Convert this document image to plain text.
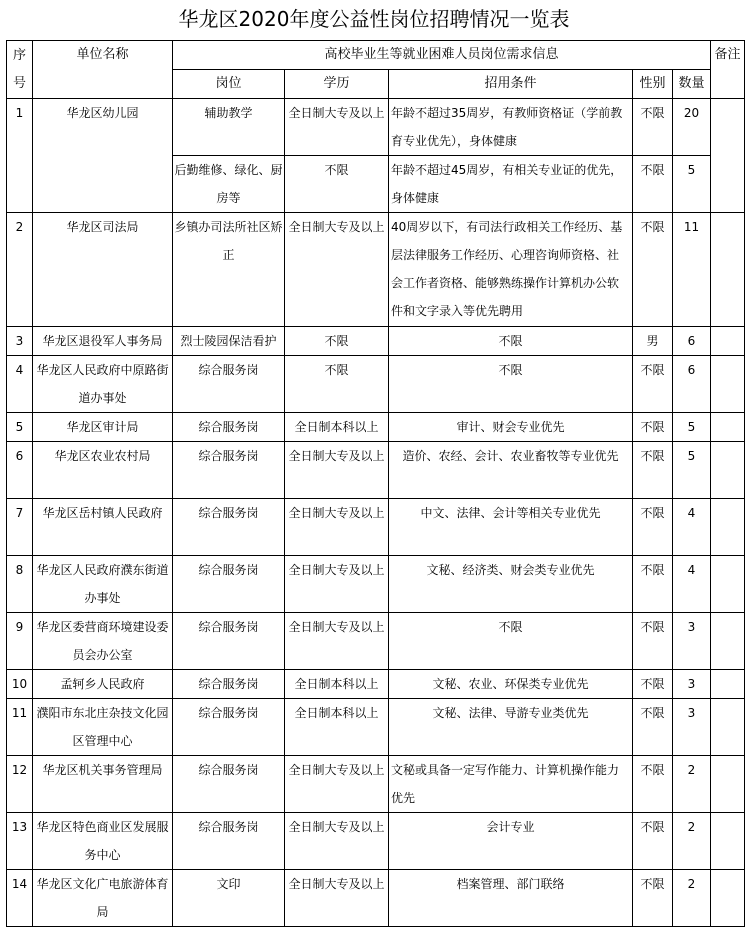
华龙区2020年度公益性岗位招聘情况一览表
序号	单位名称	高校毕业生等就业困难人员岗位需求信息					备注
		岗位	学历	招用条件	性别	数量	
1	华龙区幼儿园	辅助教学	全日制大专及以上	年龄不超过35周岁，有教师资格证（学前教育专业优先），身体健康	不限	20	
		后勤维修、绿化、厨房等	不限	年龄不超过45周岁，有相关专业证的优先，身体健康	不限	5	
2	华龙区司法局	乡镇办司法所社区矫正	全日制大专及以上	40周岁以下，有司法行政相关工作经历、基层法律服务工作经历、心理咨询师资格、社会工作者资格、能够熟练操作计算机办公软件和文字录入等优先聘用	不限	11	
3	华龙区退役军人事务局	烈士陵园保洁看护	不限	不限	男	6	
4	华龙区人民政府中原路街道办事处	综合服务岗	不限	不限	不限	6	
5	华龙区审计局	综合服务岗	全日制本科以上	审计、财会专业优先	不限	5	
6	华龙区农业农村局	综合服务岗	全日制大专及以上	造价、农经、会计、农业畜牧等专业优先	不限	5	
7	华龙区岳村镇人民政府	综合服务岗	全日制大专及以上	中文、法律、会计等相关专业优先	不限	4	
8	华龙区人民政府濮东街道办事处	综合服务岗	全日制大专及以上	文秘、经济类、财会类专业优先	不限	4	
9	华龙区委营商环境建设委员会办公室	综合服务岗	全日制大专及以上	不限	不限	3	
10	孟轲乡人民政府	综合服务岗	全日制本科以上	文秘、农业、环保类专业优先	不限	3	
11	濮阳市东北庄杂技文化园区管理中心	综合服务岗	全日制本科以上	文秘、法律、导游专业类优先	不限	3	
12	华龙区机关事务管理局	综合服务岗	全日制大专及以上	文秘或具备一定写作能力、计算机操作能力优先	不限	2	
13	华龙区特色商业区发展服务中心	综合服务岗	全日制大专及以上	会计专业	不限	2	
14	华龙区文化广电旅游体育局	文印	全日制大专及以上	档案管理、部门联络	不限	2	
